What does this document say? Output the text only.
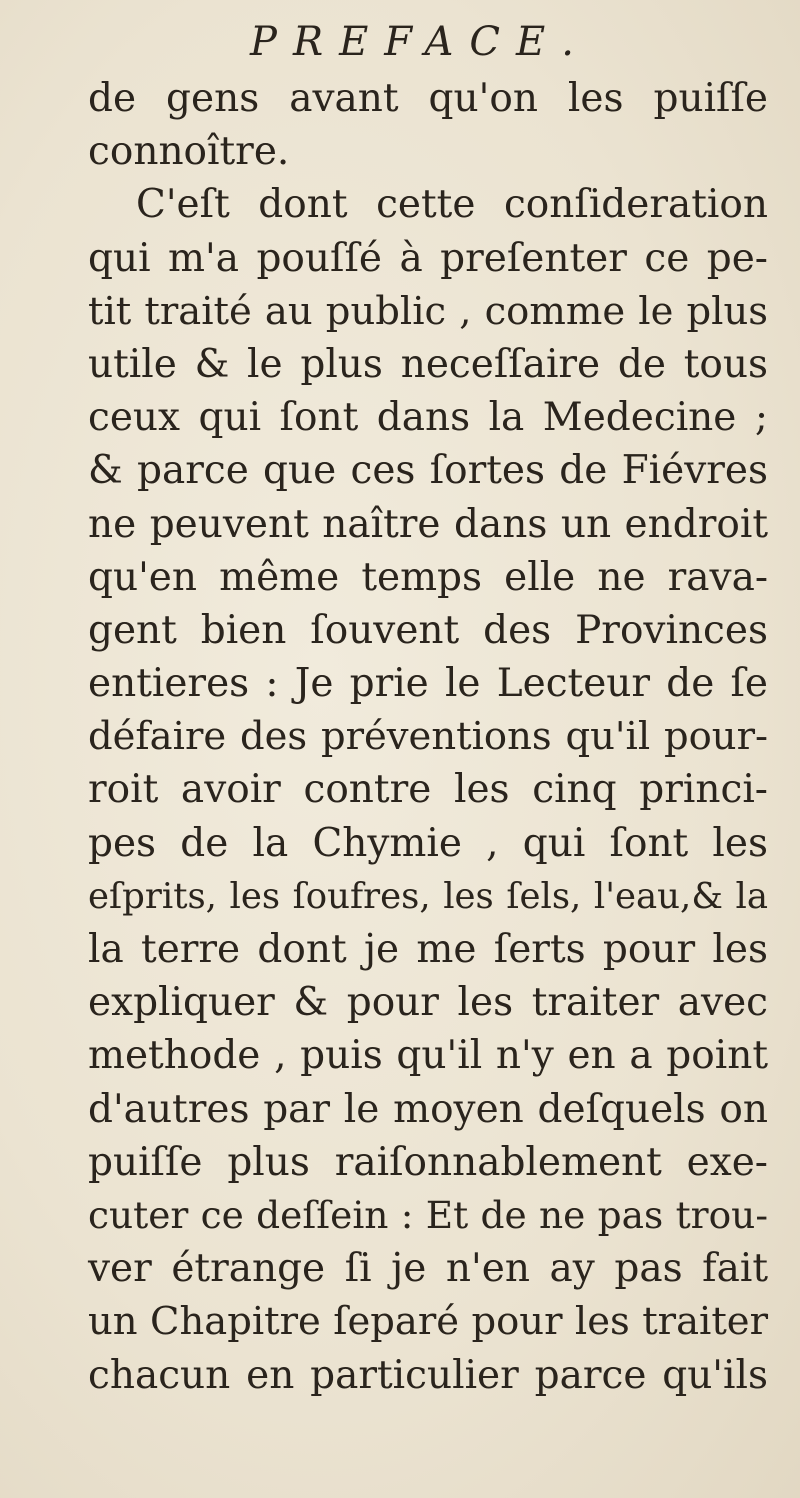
PREFACE.
de gens avant qu'on les puiſſe
connoître.
C'eſt dont cette conſideration
qui m'a pouſſé à preſenter ce pe-
tit traité au public , comme le plus
utile & le plus neceſſaire de tous
ceux qui ſont dans la Medecine ;
& parce que ces ſortes de Fiévres
ne peuvent naître dans un endroit
qu'en même temps elle ne rava-
gent bien ſouvent des Provinces
entieres : Je prie le Lecteur de ſe
défaire des préventions qu'il pour-
roit avoir contre les cinq princi-
pes de la Chymie , qui ſont les
eſprits, les ſoufres, les ſels, l'eau,& la
la terre dont je me ſerts pour les
expliquer & pour les traiter avec
methode , puis qu'il n'y en a point
d'autres par le moyen deſquels on
puiſſe plus raiſonnablement exe-
cuter ce deſſein : Et de ne pas trou-
ver étrange ſi je n'en ay pas fait
un Chapitre ſeparé pour les traiter
chacun en particulier parce qu'ils
